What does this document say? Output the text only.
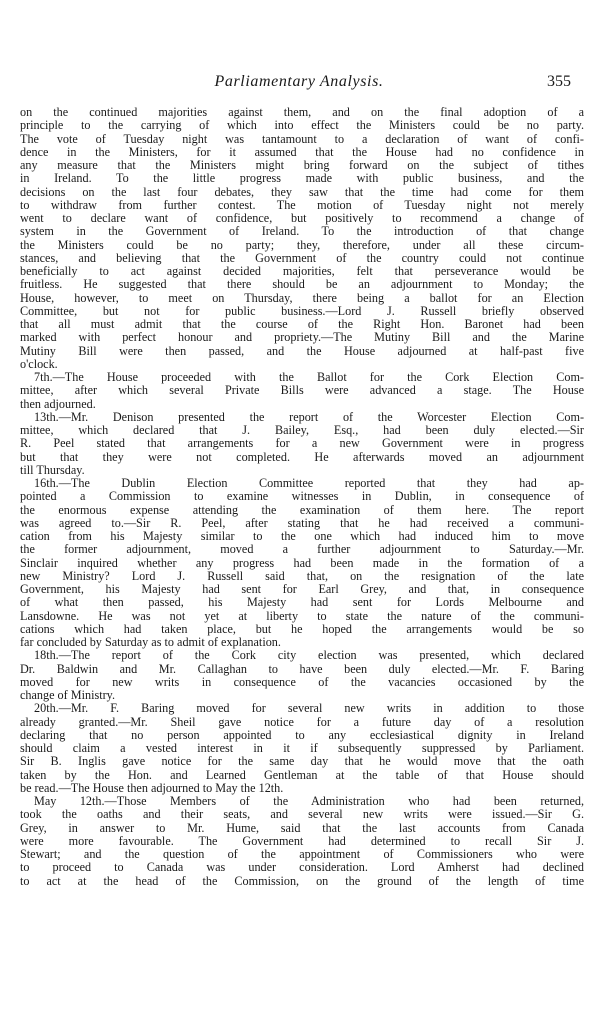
Parliamentary Analysis.	355
on the continued majorities against them, and on the final adoption of a
principle to the carrying of which into effect the Ministers could be no party.
The vote of Tuesday night was tantamount to a declaration of want of confi-
dence in the Ministers, for it assumed that the House had no confidence in
any measure that the Ministers might bring forward on the subject of tithes
in Ireland. To the little progress made with public business, and the
decisions on the last four debates, they saw that the time had come for them
to withdraw from further contest. The motion of Tuesday night not merely
went to declare want of confidence, but positively to recommend a change of
system in the Government of Ireland. To the introduction of that change
the Ministers could be no party; they, therefore, under all these circum-
stances, and believing that the Government of the country could not continue
beneficially to act against decided majorities, felt that perseverance would be
fruitless. He suggested that there should be an adjournment to Monday; the
House, however, to meet on Thursday, there being a ballot for an Election
Committee, but not for public business.—Lord J. Russell briefly observed
that all must admit that the course of the Right Hon. Baronet had been
marked with perfect honour and propriety.—The Mutiny Bill and the Marine
Mutiny Bill were then passed, and the House adjourned at half-past five
o'clock.
7th.—The House proceeded with the Ballot for the Cork Election Com-
mittee, after which several Private Bills were advanced a stage. The House
then adjourned.
13th.—Mr. Denison presented the report of the Worcester Election Com-
mittee, which declared that J. Bailey, Esq., had been duly elected.—Sir
R. Peel stated that arrangements for a new Government were in progress
but that they were not completed. He afterwards moved an adjournment
till Thursday.
16th.—The Dublin Election Committee reported that they had ap-
pointed a Commission to examine witnesses in Dublin, in consequence of
the enormous expense attending the examination of them here. The report
was agreed to.—Sir R. Peel, after stating that he had received a communi-
cation from his Majesty similar to the one which had induced him to move
the former adjournment, moved a further adjournment to Saturday.—Mr.
Sinclair inquired whether any progress had been made in the formation of a
new Ministry? Lord J. Russell said that, on the resignation of the late
Government, his Majesty had sent for Earl Grey, and that, in consequence
of what then passed, his Majesty had sent for Lords Melbourne and
Lansdowne. He was not yet at liberty to state the nature of the communi-
cations which had taken place, but he hoped the arrangements would be so
far concluded by Saturday as to admit of explanation.
18th.—The report of the Cork city election was presented, which declared
Dr. Baldwin and Mr. Callaghan to have been duly elected.—Mr. F. Baring
moved for new writs in consequence of the vacancies occasioned by the
change of Ministry.
20th.—Mr. F. Baring moved for several new writs in addition to those
already granted.—Mr. Sheil gave notice for a future day of a resolution
declaring that no person appointed to any ecclesiastical dignity in Ireland
should claim a vested interest in it if subsequently suppressed by Parliament.
Sir B. Inglis gave notice for the same day that he would move that the oath
taken by the Hon. and Learned Gentleman at the table of that House should
be read.—The House then adjourned to May the 12th.
May 12th.—Those Members of the Administration who had been returned,
took the oaths and their seats, and several new writs were issued.—Sir G.
Grey, in answer to Mr. Hume, said that the last accounts from Canada
were more favourable. The Government had determined to recall Sir J.
Stewart; and the question of the appointment of Commissioners who were
to proceed to Canada was under consideration. Lord Amherst had declined
to act at the head of the Commission, on the ground of the length of time
